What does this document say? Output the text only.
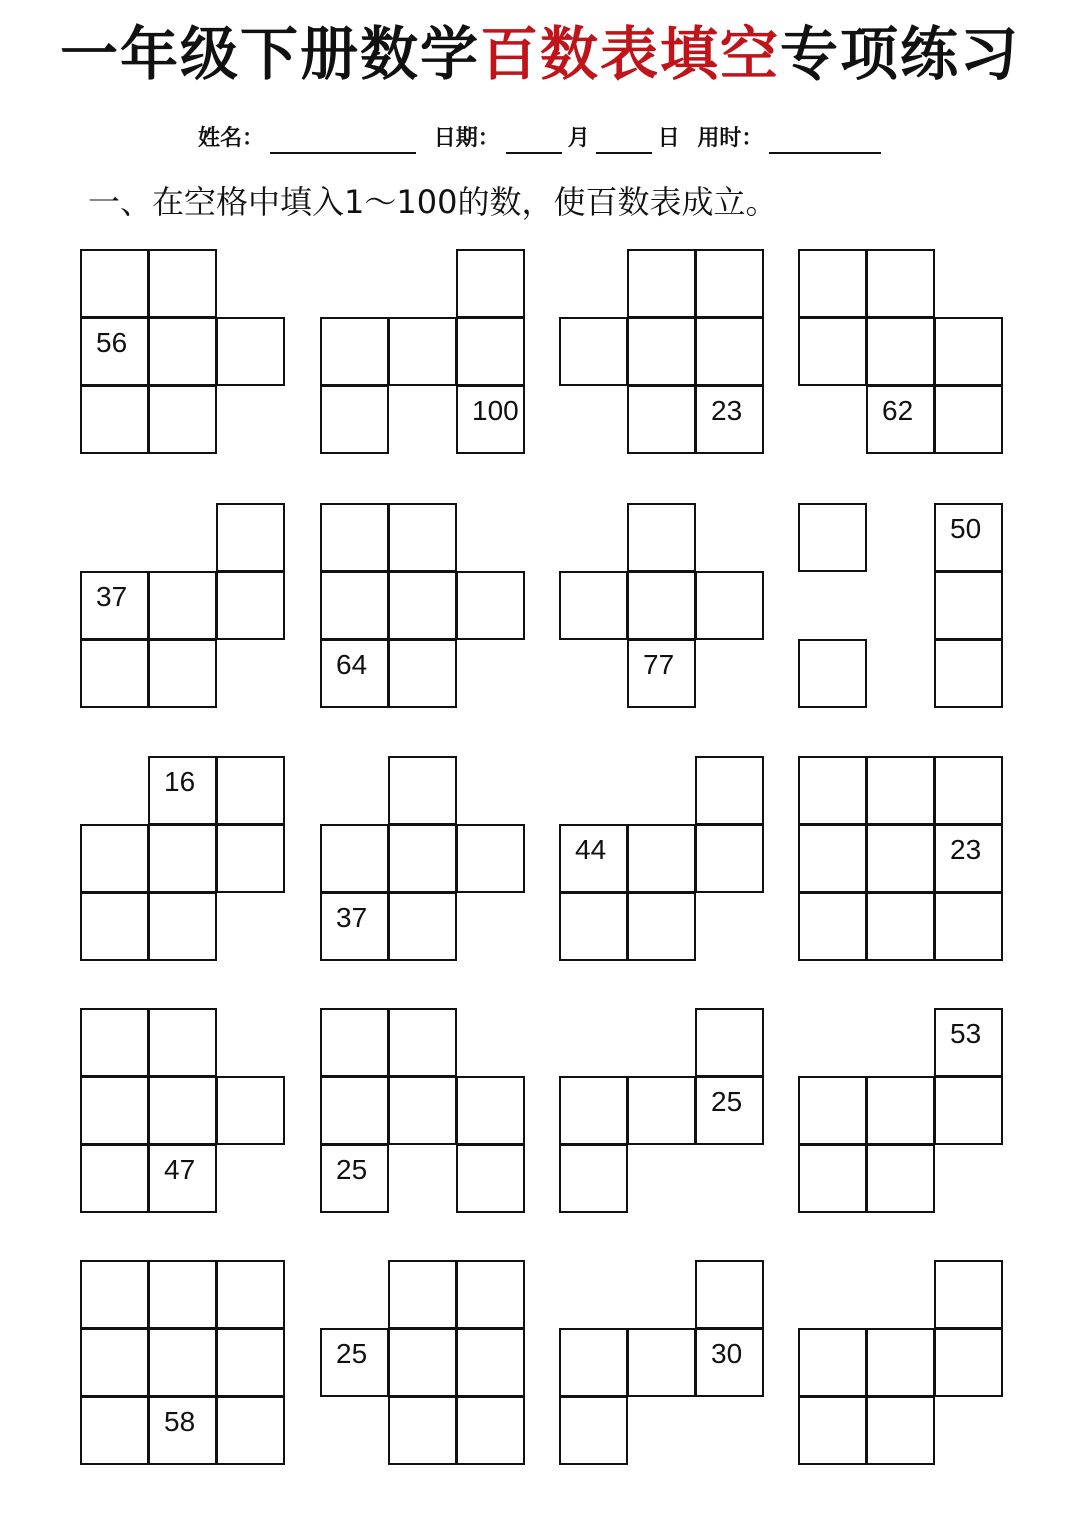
一年级下册数学百数表填空专项练习
姓名：	日期：	月	日 用时：
一、在空格中填入1～100的数，使百数表成立。
56
100	23	62
37
64	77
50
16
37
44	23
47	25
25
53
58
25	30
